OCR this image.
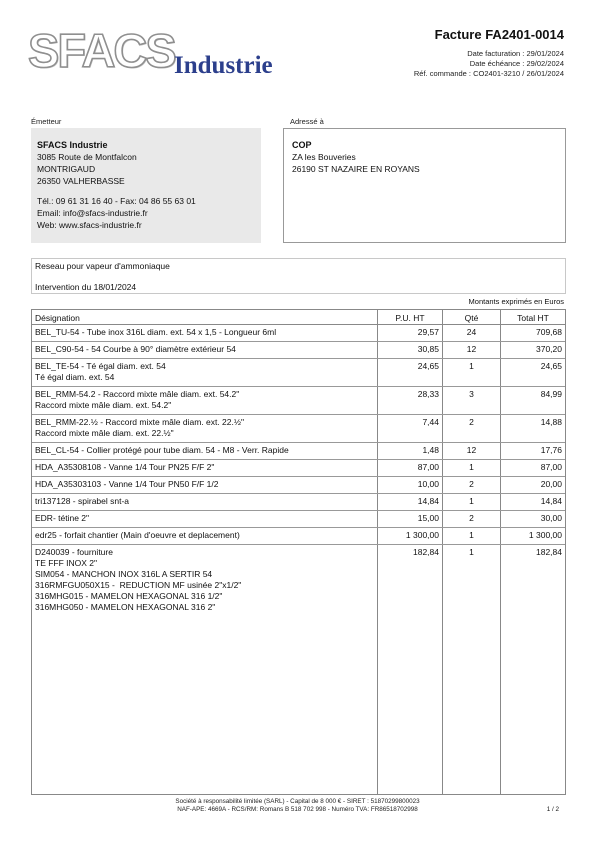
SFACS Industrie
Facture FA2401-0014
Date facturation : 29/01/2024
Date échéance : 29/02/2024
Réf. commande : CO2401-3210 / 26/01/2024
Émetteur	Adressé à
SFACS Industrie
3085 Route de Montfalcon
MONTRIGAUD
26350 VALHERBASSE
Tél.: 09 61 31 16 40 - Fax: 04 86 55 63 01
Email: info@sfacs-industrie.fr
Web: www.sfacs-industrie.fr
COP
ZA les Bouveries
26190 ST NAZAIRE EN ROYANS
Reseau pour vapeur d'ammoniaque
Intervention du 18/01/2024
Montants exprimés en Euros
Désignation	P.U. HT	Qté	Total HT
BEL_TU-54 - Tube inox 316L diam. ext. 54 x 1,5 - Longueur 6ml	29,57	24	709,68
BEL_C90-54 - 54 Courbe à 90° diamètre extérieur 54	30,85	12	370,20
BEL_TE-54 - Té égal diam. ext. 54
Té égal diam. ext. 54
24,65	1	24,65
BEL_RMM-54.2 - Raccord mixte mâle diam. ext. 54.2"
Raccord mixte mâle diam. ext. 54.2"
28,33	3	84,99
BEL_RMM-22.½ - Raccord mixte mâle diam. ext. 22.½"
Raccord mixte mâle diam. ext. 22.½"
7,44	2	14,88
BEL_CL-54 - Collier protégé pour tube diam. 54 - M8 - Verr. Rapide	1,48	12	17,76
HDA_A35308108 - Vanne 1/4 Tour PN25 F/F 2"	87,00	1	87,00
HDA_A35303103 - Vanne 1/4 Tour PN50 F/F 1/2	10,00	2	20,00
tri137128 - spirabel snt-a	14,84	1	14,84
EDR- tétine 2"	15,00	2	30,00
edr25 - forfait chantier (Main d'oeuvre et deplacement)	1 300,00	1	1 300,00
D240039 - fourniture
TE FFF INOX 2"
SIM054 - MANCHON INOX 316L A SERTIR 54
316RMFGU050X15 -  REDUCTION MF usinée 2"x1/2"
316MHG015 - MAMELON HEXAGONAL 316 1/2"
316MHG050 - MAMELON HEXAGONAL 316 2"
182,84	1	182,84
Société à responsabilité limitée (SARL) - Capital de 8 000 € - SIRET : 51870299800023
NAF-APE: 4669A - RCS/RM: Romans B 518 702 998 - Numéro TVA: FR86518702998	1 / 2
